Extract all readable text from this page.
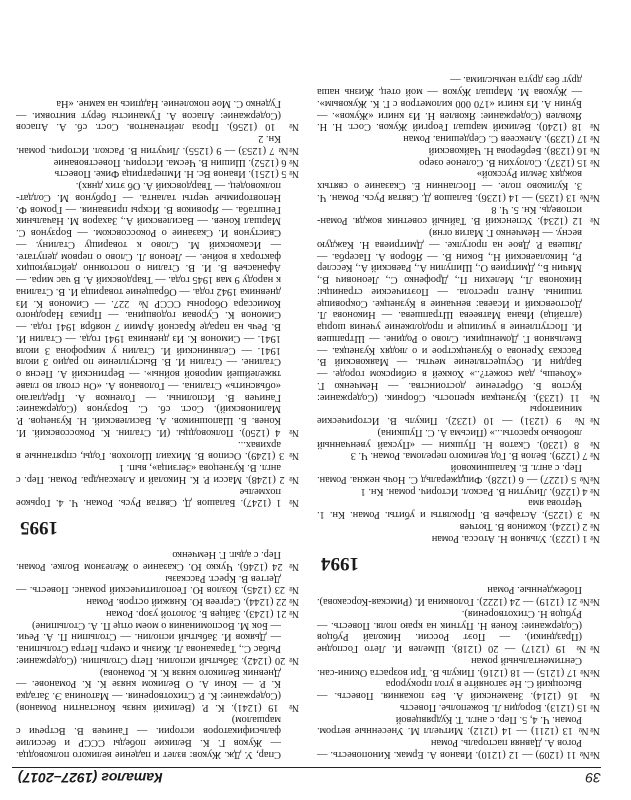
39
Каталог (1927–2017)

№№ 11 (1209) — 12 (1210). Иванов А. Ермак. Киноповесть. — Рогов А. Давняя пастораль. Роман

№№ 13 (1211) — 14 (1212). Митчелл М. Унесенные ветром. Роман. Ч. 4, 5. Пер. с англ. Т. Кудрявцевой

№ 15 (1213). Бородин Л. Божеполье. Повесть

№ 16 (1214). Знаменский А. Без покаяния. Повесть. — Высоцкий С. Не загоняйте в угол прокурора

№№ 17 (1215) — 18 (1216). Пикуль В. Три возраста Окини-сан. Сентиментальный роман

№№ 19 (1217) — 20 (1218). Шмелев И. Лето Господне (Праздники). — Поэт России. Николай Рубцов (Содержание: Конев Н. Путник на краю поля. Повесть. — Рубцов Н. Стихотворения).

№№ 21 (1219) — 24 (1222). Головкина И. (Римская-Корсакова). Побежденные. Роман

1994

№ 1 (1223). Ульянов Н. Атосса. Роман

№ 2 (1224). Кожинов В. Тютчев

№ 3 (1225). Астафьев В. Прокляты и убиты. Роман. Кн. 1. Чертова яма

№ 4 (1226). Личутин В. Раскол. Историч. роман. Кн. 1

№№ 5 (1227) — 6 (1228). Фицджеральд С. Ночь нежна. Роман. Пер. с англ. Е. Калашниковой

№ 7 (1229). Белов В. Год великого перелома. Роман. Ч. 3

№ 8 (1230). Скатов Н. Пушкин — «Пускай увенчанный любовью красоты...» (Письма А. С. Пушкина)

№№ 9 (1231) — 10 (1232). Пикуль В. Исторические миниатюры

№ 11 (1233). Кузнецкая крепость. Сборник. (Содержание: Кустов Б. Обретение достоинства. — Немченко Г. «Хочешь, дам сюжет?..» Хоккей в сибирском городе. — Бардин И. Осуществление мечты. — Маяковский В. Рассказ Хренова о Кузнецкстрое и о людях Кузнецка. — Емельянов Г. Доменщики. Слово о Родине. — Штрапшев И. Поступление в училище и продолжение учения шорца (алтайца) Ивана Матвеева Штрапшева. — Никонова Л. Достоевский и Исаева: венчание в Кузнецке. Сокровище тишины. Ангел престола. — Поэтические страницы: Никонова Л., Мелехин П., Дрофенко С., Леонович В., Мячин Б., Дмитриев О., Шипулин А., Раевский А., Кесслер Р., Николаевский Н., Бокин В. — Яборов А. Пасерба. — Ляшева Р. Двое на прогулке. — Дмитриева Н. Каждую весну. — Немченко Г. Магия огня)

№ 12 (1234). Успенский В. Тайный советник вождя. Роман-исповедь. Кн. 5. Ч. 8

№№ 13 (1235) — 14 (1236). Балашов Д. Святая Русь. Роман. Ч. 3. Куликово поле. — Посланнин Е. Сказание о святых вождях Земли Русской»

№ 15 (1237). Солоухин В. Соленое озеро

№ 16 (1238). Берберова Н. Чайковский

№ 17 (1239). Алексеев С. Сердешина. Роман

№ 18 (1240). Великий маршал Георгий Жуков. Сост. Н. Н. Яковлев (Содержание: Яковлев Н. Из книги «Жуков». — Бунин А. Из книги «170 000 километров с Г. К. Жуковым». — Жукова М. Маршал Жуков — мой отец. Жизнь наша друг без друга немыслима. —

Спар, У. Дж. Жуков: взлет и падение великого полководца. — Жуков Г. К. Великие победы СССР и бессилие фальсификаторов истории. — Ганичев В. Встречи с маршалом)

№ 19 (1241). К. Р. (Великий князь Константин Романов) (Содержание: К. Р. Стихотворения. — Матонина Э. Загадка К. Р. — Кони А. О Великом князе К. К. Романове. — Дневник Великого князя К. К. Романова)

№ 20 (1242). Забытый исполин. Петр Столыпин. (Содержание: Рыбас С., Тараканова Л. Жизнь и смерть Петра Столыпина. — Дьяков И. Забытый исполин. — Столыпин П. А. Речи. — Бок М. Воспоминания о моем отце П. А. Столыпине)

№ 21 (1243). Зайцев Б. Золотой узор. Роман

№ 22 (1244). Сергеев Ю. Княжий остров. Роман

№ 23 (1245). Козлов Ю. Геополитический романс. Повесть. — Дегтев В. Крест. Рассказы

№ 24 (1246). Чукко Ю. Сказание о Железном Волке. Роман. Пер. с адыг. Г. Немченко

1995

№ 1 (1247). Балашов Д. Святая Русь. Роман. Ч. 4. Горькое похмелье

№ 2 (1248). Масси Р. К. Николай и Александра. Роман. Пер. с англ. В. Кузнецова «Зегзица», вып. 1

№ 3 (1249). Осипов В. Михаил Шолохов. Годы, спрятанные в архивах...

№ 4 (1250). Полководцы. (И. Сталин. К. Рокоссовский. И. Конев. Б. Шапошников. А. Василевский. Н. Кузнецов. Р. Малиновский). Сост. сб. С. Борзунов (Содержание: Ганичев В. Исполины. — Голенков А. Предлагаю «объяснить» Сталина. — Голованов А. «Он стоял во главе тяжелейшей мировой войны». — Вертинский А. Песня о Сталине. — Сталин И. В. Выступление по радио 3 июля 1941. — Селянинский И. Сталин у микрофона 3 июля 1941. — Симонов К. Из дневника 1941 года. — Сталин И. В. Речь на параде Красной Армии 7 ноября 1941 года. — Симонов К. Суровая годовщина. — Приказ Народного Комиссара Обороны СССР № 227. — Симонов К. Из дневника 1942 года. — Обращение товарища И. В. Сталина к народу 9 мая 1945 года. — Твардовский А. В час мира. — Афанасьев В. И. В. Сталин о постоянно действующих факторах в войне. — Леонов Л. Слово о первом депутате. — Исаковский М. Слово к товарищу Сталину. — Свистунов И. Сказание о Рокоссовском. — Борзунов С. Маршал Конев. — Василевский А., Захаров М. Начальник Генштаба. — Яровиков В. Искры призвания. — Громов Ф. Неповторимые черты таланта. — Горбунов М. Солдат-полководец. — Твардовский А. Об этих днях).

№ 5 (1251). Иванов Вс. Н. Императрица Фике. Повесть

№ 6 (1252). Шишин В. Чесма. Историч. Повествование

№№ 7 (1253) — 9 (1255). Личутин В. Раскол. Историч. роман. Кн. 2

№ 10 (1256). Проза лейтенантов. Сост. сб. А. Апасов (Содержание: Апасов А. Гуманисты берут винтовки. — Гуденко С. Мое поколение. Надпись на камне. «На
